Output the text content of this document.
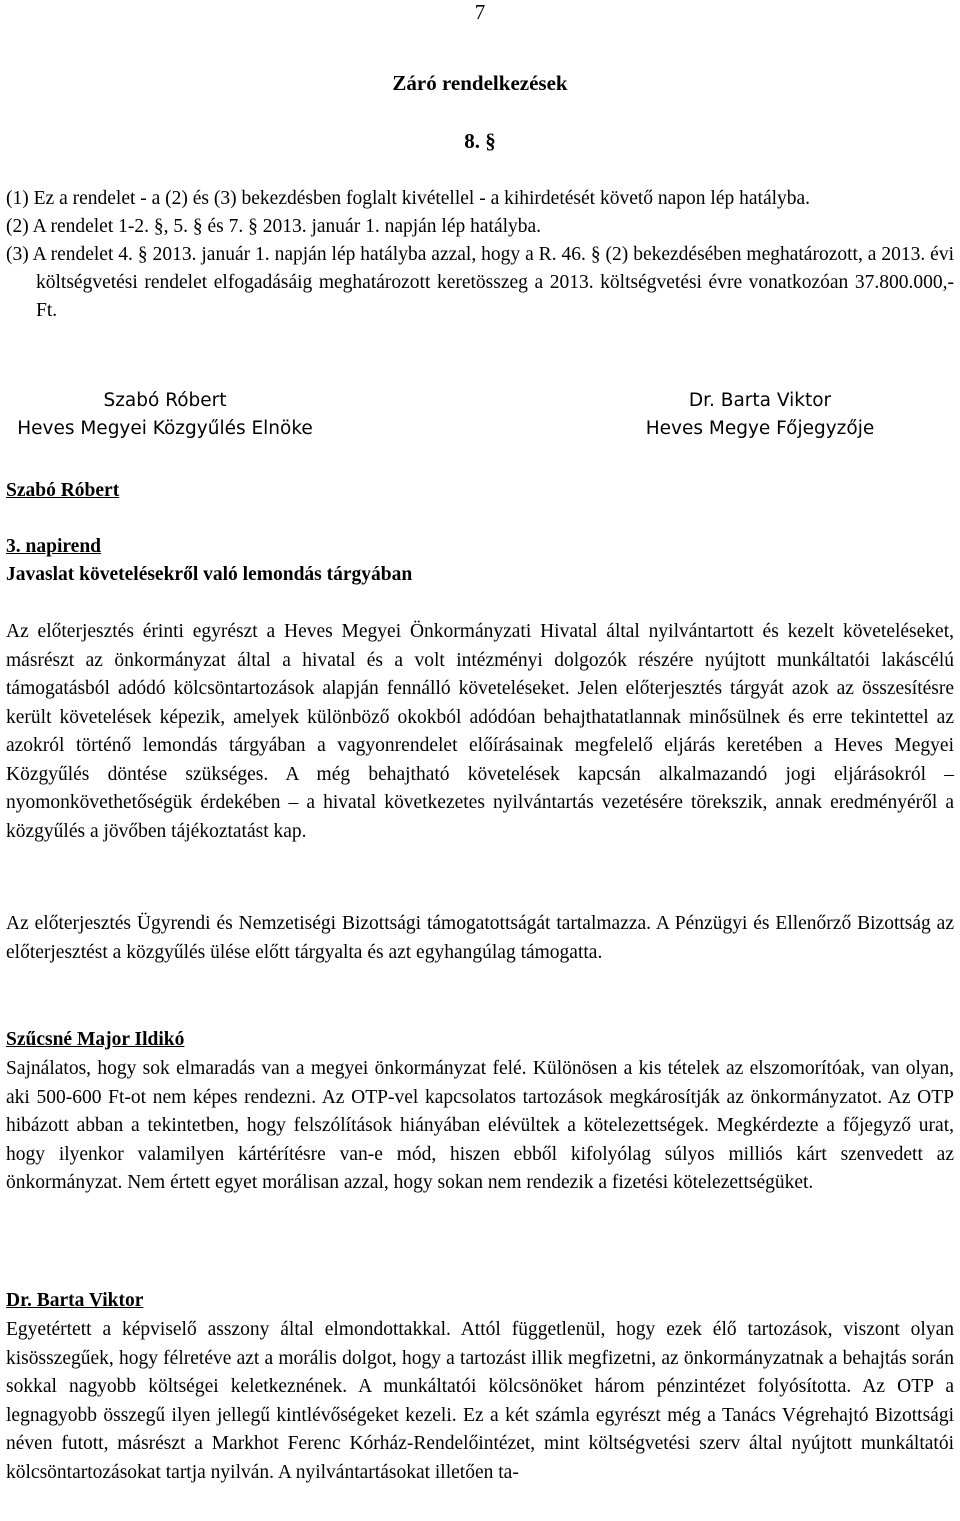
7
Záró rendelkezések
8. §

(1) Ez a rendelet - a (2) és (3) bekezdésben foglalt kivétellel - a kihirdetését követő napon lép hatályba.

(2) A rendelet 1-2. §, 5. § és 7. § 2013. január 1. napján lép hatályba.

(3) A rendelet 4. § 2013. január 1. napján lép hatályba azzal, hogy a R. 46. § (2) bekezdésében meghatározott, a 2013. évi költségvetési rendelet elfogadásáig meghatározott keretösszeg a 2013. költségvetési évre vonatkozóan 37.800.000,- Ft.

Szabó Róbert
Heves Megyei Közgyűlés Elnöke
Dr. Barta Viktor
Heves Megye Főjegyzője
Szabó Róbert
3. napirend
Javaslat követelésekről való lemondás tárgyában

Az előterjesztés érinti egyrészt a Heves Megyei Önkormányzati Hivatal által nyilvántartott és kezelt követeléseket, másrészt az önkormányzat által a hivatal és a volt intézményi dolgozók részére nyújtott munkáltatói lakáscélú támogatásból adódó kölcsöntartozások alapján fennálló követeléseket. Jelen előterjesztés tárgyát azok az összesítésre került követelések képezik, amelyek különböző okokból adódóan behajthatatlannak minősülnek és erre tekintettel az azokról történő lemondás tárgyában a vagyonrendelet előírásainak megfelelő eljárás keretében a Heves Megyei Közgyűlés döntése szükséges. A még behajtható követelések kapcsán alkalmazandó jogi eljárásokról – nyomonkövethetőségük érdekében – a hivatal következetes nyilvántartás vezetésére törekszik, annak eredményéről a közgyűlés a jövőben tájékoztatást kap.

Az előterjesztés Ügyrendi és Nemzetiségi Bizottsági támogatottságát tartalmazza. A Pénzügyi és Ellenőrző Bizottság az előterjesztést a közgyűlés ülése előtt tárgyalta és azt egyhangúlag támogatta.

Szűcsné Major Ildikó

Sajnálatos, hogy sok elmaradás van a megyei önkormányzat felé. Különösen a kis tételek az elszomorítóak, van olyan, aki 500-600 Ft-ot nem képes rendezni. Az OTP-vel kapcsolatos tartozások megkárosítják az önkormányzatot. Az OTP hibázott abban a tekintetben, hogy felszólítások hiányában elévültek a kötelezettségek. Megkérdezte a főjegyző urat, hogy ilyenkor valamilyen kártérítésre van-e mód, hiszen ebből kifolyólag súlyos milliós kárt szenvedett az önkormányzat. Nem értett egyet morálisan azzal, hogy sokan nem rendezik a fizetési kötelezettségüket.

Dr. Barta Viktor

Egyetértett a képviselő asszony által elmondottakkal. Attól függetlenül, hogy ezek élő tartozások, viszont olyan kisösszegűek, hogy félretéve azt a morális dolgot, hogy a tartozást illik megfizetni, az önkormányzatnak a behajtás során sokkal nagyobb költségei keletkeznének. A munkáltatói kölcsönöket három pénzintézet folyósította. Az OTP a legnagyobb összegű ilyen jellegű kintlévőségeket kezeli. Ez a két számla egyrészt még a Tanács Végrehajtó Bizottsági néven futott, másrészt a Markhot Ferenc Kórház-Rendelőintézet, mint költségvetési szerv által nyújtott munkáltatói kölcsöntartozásokat tartja nyilván. A nyilvántartásokat illetően ta-
